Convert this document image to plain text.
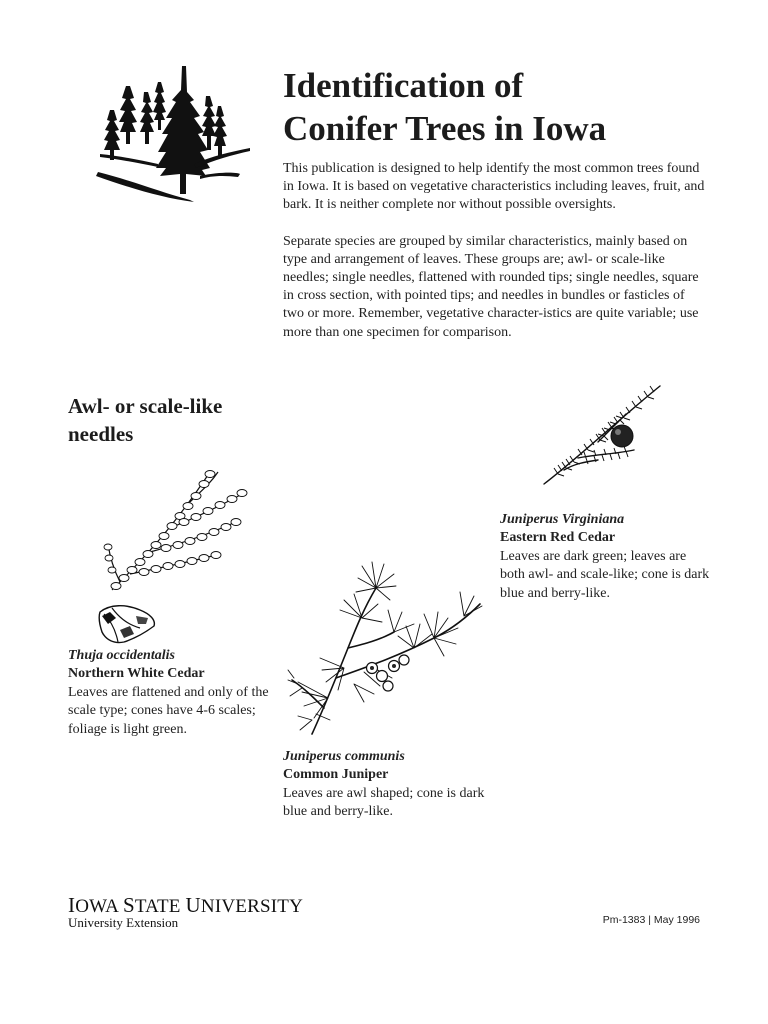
Identification of
Conifer Trees in Iowa

This publication is designed to help identify the most common trees found in Iowa. It is based on vegetative characteristics including leaves, fruit, and bark. It is neither complete nor without possible oversights.

Separate species are grouped by similar characteristics, mainly based on type and arrangement of leaves. These groups are; awl- or scale-like needles; single needles, flattened with rounded tips; single needles, square in cross section, with pointed tips; and needles in bundles or fasticles of two or more. Remember, vegetative character-istics are quite variable; use more than one specimen for comparison.

Awl- or scale-like
needles
Juniperus Virginiana
Eastern Red Cedar
Leaves are dark green; leaves are both awl- and scale-like; cone is dark blue and berry-like.
Thuja occidentalis
Northern White Cedar
Leaves are flattened and only of the scale type; cones have 4-6 scales; foliage is light green.
Juniperus communis
Common Juniper
Leaves are awl shaped; cone is dark blue and berry-like.
IOWA STATE UNIVERSITY
University Extension	Pm-1383 | May 1996
